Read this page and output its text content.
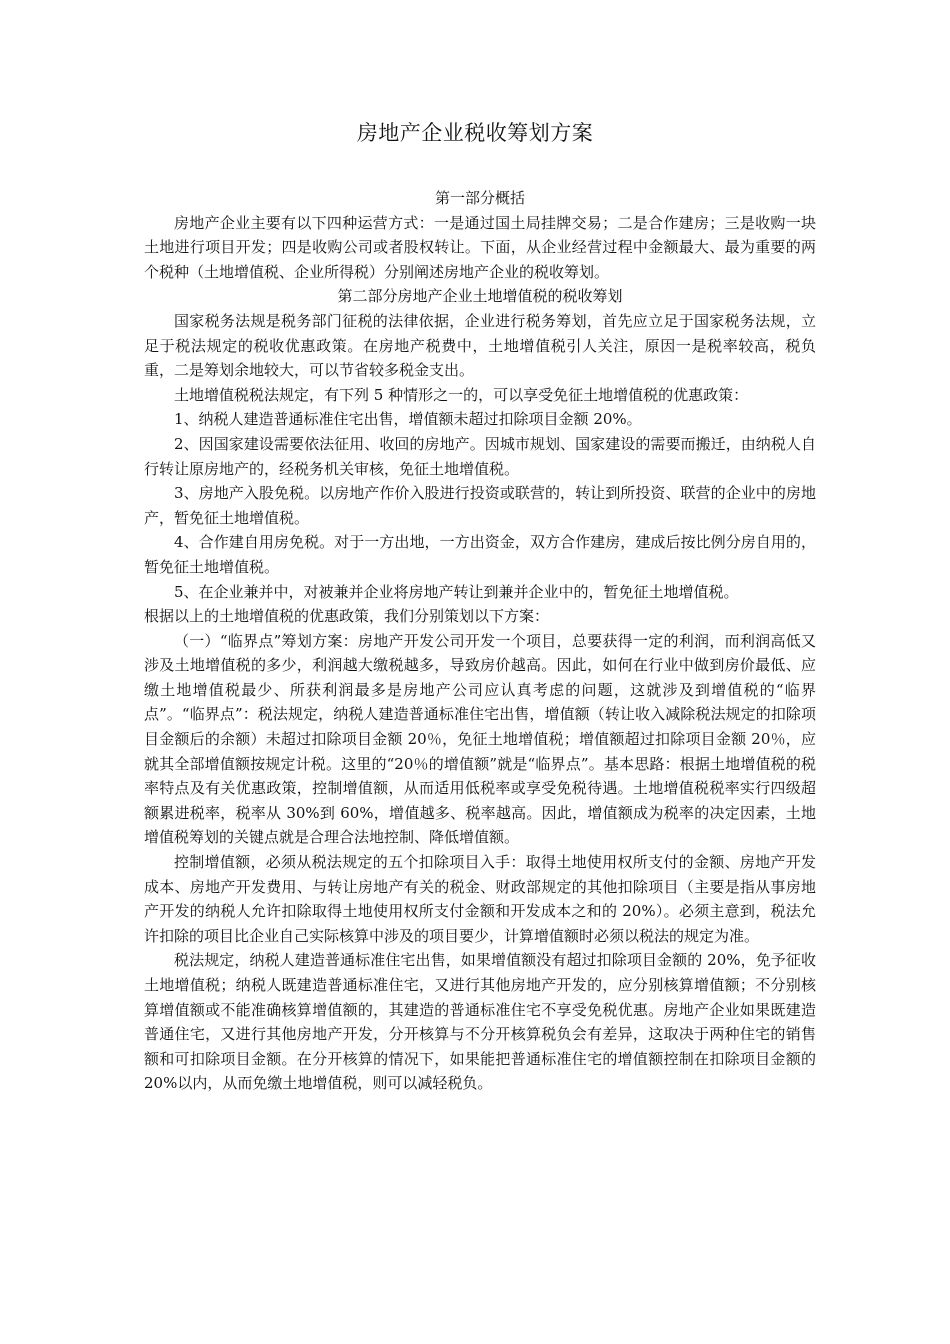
房地产企业税收筹划方案

第一部分概括

房地产企业主要有以下四种运营方式：一是通过国土局挂牌交易；二是合作建房；三是收购一块土地进行项目开发；四是收购公司或者股权转让。下面，从企业经营过程中金额最大、最为重要的两个税种（土地增值税、企业所得税）分别阐述房地产企业的税收筹划。

第二部分房地产企业土地增值税的税收筹划

国家税务法规是税务部门征税的法律依据，企业进行税务筹划，首先应立足于国家税务法规，立足于税法规定的税收优惠政策。在房地产税费中，土地增值税引人关注，原因一是税率较高，税负重，二是筹划余地较大，可以节省较多税金支出。

土地增值税税法规定，有下列 5 种情形之一的，可以享受免征土地增值税的优惠政策：

1、纳税人建造普通标准住宅出售，增值额未超过扣除项目金额 20%。

2、因国家建设需要依法征用、收回的房地产。因城市规划、国家建设的需要而搬迁，由纳税人自行转让原房地产的，经税务机关审核，免征土地增值税。

3、房地产入股免税。以房地产作价入股进行投资或联营的，转让到所投资、联营的企业中的房地产，暂免征土地增值税。

4、合作建自用房免税。对于一方出地，一方出资金，双方合作建房，建成后按比例分房自用的，暂免征土地增值税。

5、在企业兼并中，对被兼并企业将房地产转让到兼并企业中的，暂免征土地增值税。

根据以上的土地增值税的优惠政策，我们分别策划以下方案：

（一）“临界点”筹划方案：房地产开发公司开发一个项目，总要获得一定的利润，而利润高低又涉及土地增值税的多少，利润越大缴税越多，导致房价越高。因此，如何在行业中做到房价最低、应缴土地增值税最少、所获利润最多是房地产公司应认真考虑的问题，这就涉及到增值税的“临界点”。“临界点”：税法规定，纳税人建造普通标准住宅出售，增值额（转让收入减除税法规定的扣除项目金额后的余额）未超过扣除项目金额 20％，免征土地增值税；增值额超过扣除项目金额 20％，应就其全部增值额按规定计税。这里的“20％的增值额”就是“临界点”。基本思路：根据土地增值税的税率特点及有关优惠政策，控制增值额，从而适用低税率或享受免税待遇。土地增值税税率实行四级超额累进税率，税率从 30%到 60%，增值越多、税率越高。因此，增值额成为税率的决定因素，土地增值税筹划的关键点就是合理合法地控制、降低增值额。

控制增值额，必须从税法规定的五个扣除项目入手：取得土地使用权所支付的金额、房地产开发成本、房地产开发费用、与转让房地产有关的税金、财政部规定的其他扣除项目（主要是指从事房地产开发的纳税人允许扣除取得土地使用权所支付金额和开发成本之和的 20%）。必须主意到，税法允许扣除的项目比企业自己实际核算中涉及的项目要少，计算增值额时必须以税法的规定为准。

税法规定，纳税人建造普通标准住宅出售，如果增值额没有超过扣除项目金额的 20%，免予征收土地增值税；纳税人既建造普通标准住宅，又进行其他房地产开发的，应分别核算增值额；不分别核算增值额或不能准确核算增值额的，其建造的普通标准住宅不享受免税优惠。房地产企业如果既建造普通住宅，又进行其他房地产开发，分开核算与不分开核算税负会有差异，这取决于两种住宅的销售额和可扣除项目金额。在分开核算的情况下，如果能把普通标准住宅的增值额控制在扣除项目金额的 20%以内，从而免缴土地增值税，则可以减轻税负。
